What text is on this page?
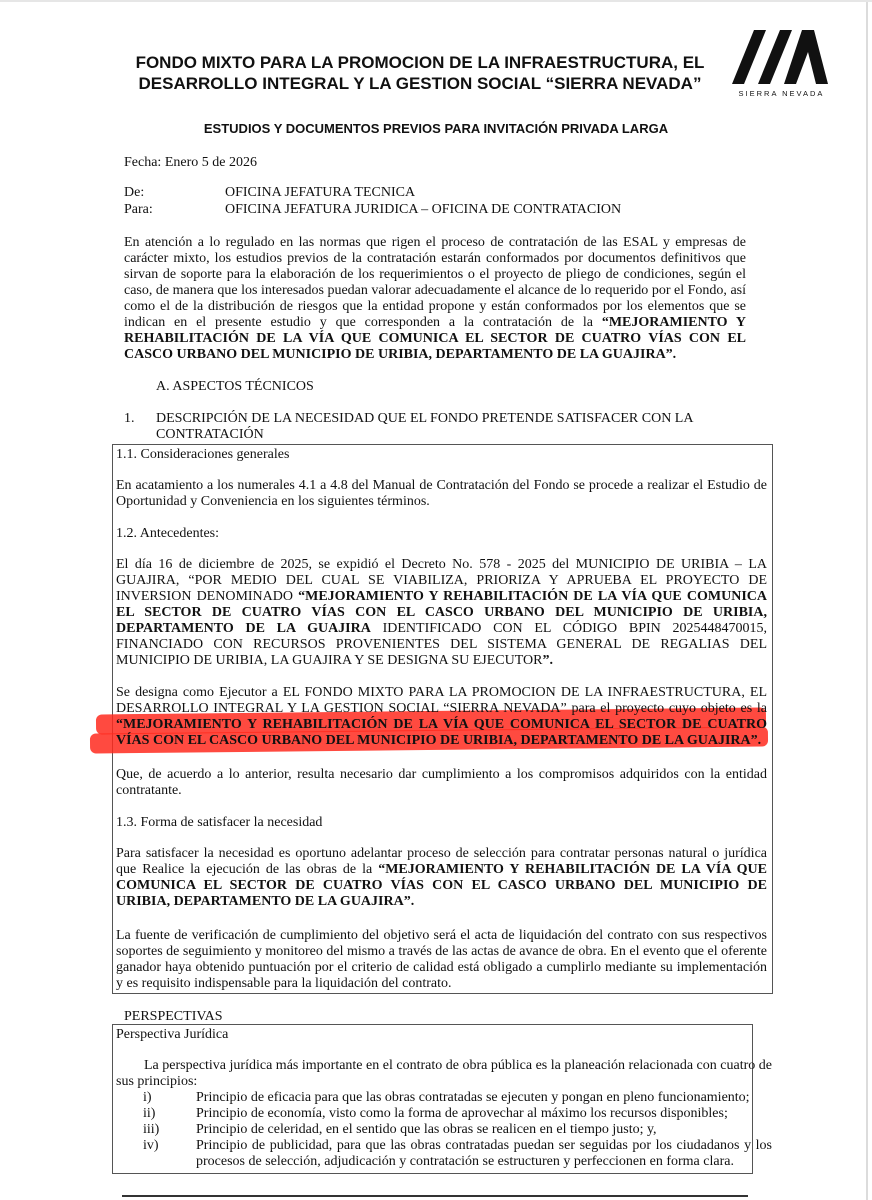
FONDO MIXTO PARA LA PROMOCION DE LA INFRAESTRUCTURA, EL
DESARROLLO INTEGRAL Y LA GESTION SOCIAL “SIERRA NEVADA”
SIERRA NEVADA
ESTUDIOS Y DOCUMENTOS PREVIOS PARA INVITACIÓN PRIVADA LARGA
Fecha: Enero 5 de 2026
De:	OFICINA JEFATURA TECNICA
Para:	OFICINA JEFATURA JURIDICA – OFICINA DE CONTRATACION
En atención a lo regulado en las normas que rigen el proceso de contratación de las ESAL y empresas de carácter mixto, los estudios previos de la contratación estarán conformados por documentos definitivos que sirvan de soporte para la elaboración de los requerimientos o el proyecto de pliego de condiciones, según el caso, de manera que los interesados puedan valorar adecuadamente el alcance de lo requerido por el Fondo, así como el de la distribución de riesgos que la entidad propone y están conformados por los elementos que se indican en el presente estudio y que corresponden a la contratación de la “MEJORAMIENTO Y REHABILITACIÓN DE LA VÍA QUE COMUNICA EL SECTOR DE CUATRO VÍAS CON EL CASCO URBANO DEL MUNICIPIO DE URIBIA, DEPARTAMENTO DE LA GUAJIRA”.
A. ASPECTOS TÉCNICOS
1. DESCRIPCIÓN DE LA NECESIDAD QUE EL FONDO PRETENDE SATISFACER CON LA
CONTRATACIÓN
1.1. Consideraciones generales
En acatamiento a los numerales 4.1 a 4.8 del Manual de Contratación del Fondo se procede a realizar el Estudio de Oportunidad y Conveniencia en los siguientes términos.
1.2. Antecedentes:
El día 16 de diciembre de 2025, se expidió el Decreto No. 578 - 2025 del MUNICIPIO DE URIBIA – LA GUAJIRA, “POR MEDIO DEL CUAL SE VIABILIZA, PRIORIZA Y APRUEBA EL PROYECTO DE INVERSION DENOMINADO “MEJORAMIENTO Y REHABILITACIÓN DE LA VÍA QUE COMUNICA EL SECTOR DE CUATRO VÍAS CON EL CASCO URBANO DEL MUNICIPIO DE URIBIA, DEPARTAMENTO DE LA GUAJIRA IDENTIFICADO CON EL CÓDIGO BPIN 2025448470015, FINANCIADO CON RECURSOS PROVENIENTES DEL SISTEMA GENERAL DE REGALIAS DEL MUNICIPIO DE URIBIA, LA GUAJIRA Y SE DESIGNA SU EJECUTOR”.
Se designa como Ejecutor a EL FONDO MIXTO PARA LA PROMOCION DE LA INFRAESTRUCTURA, EL DESARROLLO INTEGRAL Y LA GESTION SOCIAL “SIERRA NEVADA” para el proyecto cuyo objeto es la “MEJORAMIENTO Y REHABILITACIÓN DE LA VÍA QUE COMUNICA EL SECTOR DE CUATRO VÍAS CON EL CASCO URBANO DEL MUNICIPIO DE URIBIA, DEPARTAMENTO DE LA GUAJIRA”.
Que, de acuerdo a lo anterior, resulta necesario dar cumplimiento a los compromisos adquiridos con la entidad contratante.
1.3. Forma de satisfacer la necesidad
Para satisfacer la necesidad es oportuno adelantar proceso de selección para contratar personas natural o jurídica que Realice la ejecución de las obras de la “MEJORAMIENTO Y REHABILITACIÓN DE LA VÍA QUE COMUNICA EL SECTOR DE CUATRO VÍAS CON EL CASCO URBANO DEL MUNICIPIO DE URIBIA, DEPARTAMENTO DE LA GUAJIRA”.
La fuente de verificación de cumplimiento del objetivo será el acta de liquidación del contrato con sus respectivos soportes de seguimiento y monitoreo del mismo a través de las actas de avance de obra. En el evento que el oferente ganador haya obtenido puntuación por el criterio de calidad está obligado a cumplirlo mediante su implementación y es requisito indispensable para la liquidación del contrato.
PERSPECTIVAS
Perspectiva Jurídica
La perspectiva jurídica más importante en el contrato de obra pública es la planeación relacionada con cuatro de sus principios:
i)	Principio de eficacia para que las obras contratadas se ejecuten y pongan en pleno funcionamiento;
ii)	Principio de economía, visto como la forma de aprovechar al máximo los recursos disponibles;
iii)	Principio de celeridad, en el sentido que las obras se realicen en el tiempo justo; y,
iv)	Principio de publicidad, para que las obras contratadas puedan ser seguidas por los ciudadanos y los procesos de selección, adjudicación y contratación se estructuren y perfeccionen en forma clara.
